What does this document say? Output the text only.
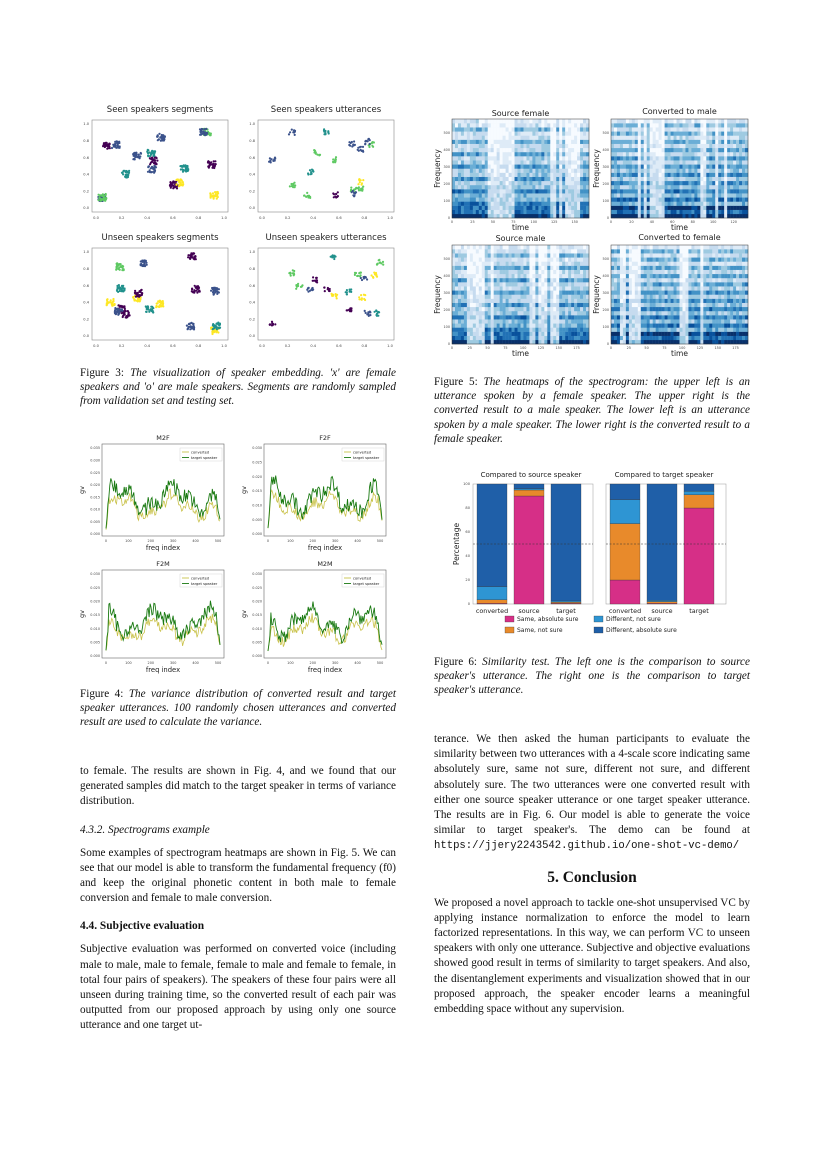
Seen speakers segments
0.0	0.2	0.4	0.6	0.8	1.0
0.0
0.2
0.4
0.6
0.8
1.0
Seen speakers utterances
0.0	0.2	0.4	0.6	0.8	1.0
0.0
0.2
0.4
0.6
0.8
1.0
Unseen speakers segments
0.0	0.2	0.4	0.6	0.8	1.0
0.0
0.2
0.4
0.6
0.8
1.0
Unseen speakers utterances
0.0	0.2	0.4	0.6	0.8	1.0
0.0
0.2
0.4
0.6
0.8
1.0

Figure 3: The visualization of speaker embedding. 'x' are female speakers and 'o' are male speakers. Segments are randomly sampled from validation set and testing set.

M2F
gv
freq index
0.000
0.005
0.010
0.015
0.020
0.025
0.030
0.035
0	100	200	300	400	500
converted
target speaker
F2F
gv
freq index
0.000
0.005
0.010
0.015
0.020
0.025
0.030
0	100	200	300	400	500
converted
target speaker
F2M
gv
freq index
0.000
0.005
0.010
0.015
0.020
0.025
0.030
0	100	200	300	400	500
converted
target speaker
M2M
gv
freq index
0.000
0.005
0.010
0.015
0.020
0.025
0.030
0	100	200	300	400	500
converted
target speaker

Figure 4: The variance distribution of converted result and target speaker utterances. 100 randomly chosen utterances and converted result are used to calculate the variance.

Source female
Frequency
time
0
100
200
300
400
500
0	25	50	75	100	125	150
Converted to male
Frequency
time
0
100
200
300
400
500
0	20	40	60	80	100	120
Source male
Frequency
time
0
100
200
300
400
500
0	25	50	75	100	125	150	175
Converted to female
Frequency
time
0
100
200
300
400
500
0	25	50	75	100	125	150	175

Figure 5: The heatmaps of the spectrogram: the upper left is an utterance spoken by a female speaker. The upper right is the converted result to a male speaker. The lower left is an utterance spoken by a male speaker. The lower right is the converted result to a female speaker.

Percentage
0
20
40
60
80
100
Compared to source speaker
converted source	target
Compared to target speaker
converted source	target
Same, absolute sure
Same, not sure
Different, not sure
Different, absolute sure

Figure 6: Similarity test. The left one is the comparison to source speaker's utterance. The right one is the comparison to target speaker's utterance.

to female. The results are shown in Fig. 4, and we found that our generated samples did match to the target speaker in terms of variance distribution.

4.3.2. Spectrograms example

Some examples of spectrogram heatmaps are shown in Fig. 5. We can see that our model is able to transform the fundamental frequency (f0) and keep the original phonetic content in both male to female conversion and female to male conversion.

4.4. Subjective evaluation

Subjective evaluation was performed on converted voice (including male to male, male to female, female to male and female to female, in total four pairs of speakers). The speakers of these four pairs were all unseen during training time, so the converted result of each pair was outputted from our proposed approach by using only one source utterance and one target ut-

terance. We then asked the human participants to evaluate the similarity between two utterances with a 4-scale score indicating same absolutely sure, same not sure, different not sure, and different absolutely sure. The two utterances were one converted result with either one source speaker utterance or one target speaker utterance. The results are in Fig. 6. Our model is able to generate the voice similar to target speaker's. The demo can be found at https://jjery2243542.github.io/one-shot-vc-demo/

5. Conclusion

We proposed a novel approach to tackle one-shot unsupervised VC by applying instance normalization to enforce the model to learn factorized representations. In this way, we can perform VC to unseen speakers with only one utterance. Subjective and objective evaluations showed good result in terms of similarity to target speakers. And also, the disentanglement experiments and visualization showed that in our proposed approach, the speaker encoder learns a meaningful embedding space without any supervision.
